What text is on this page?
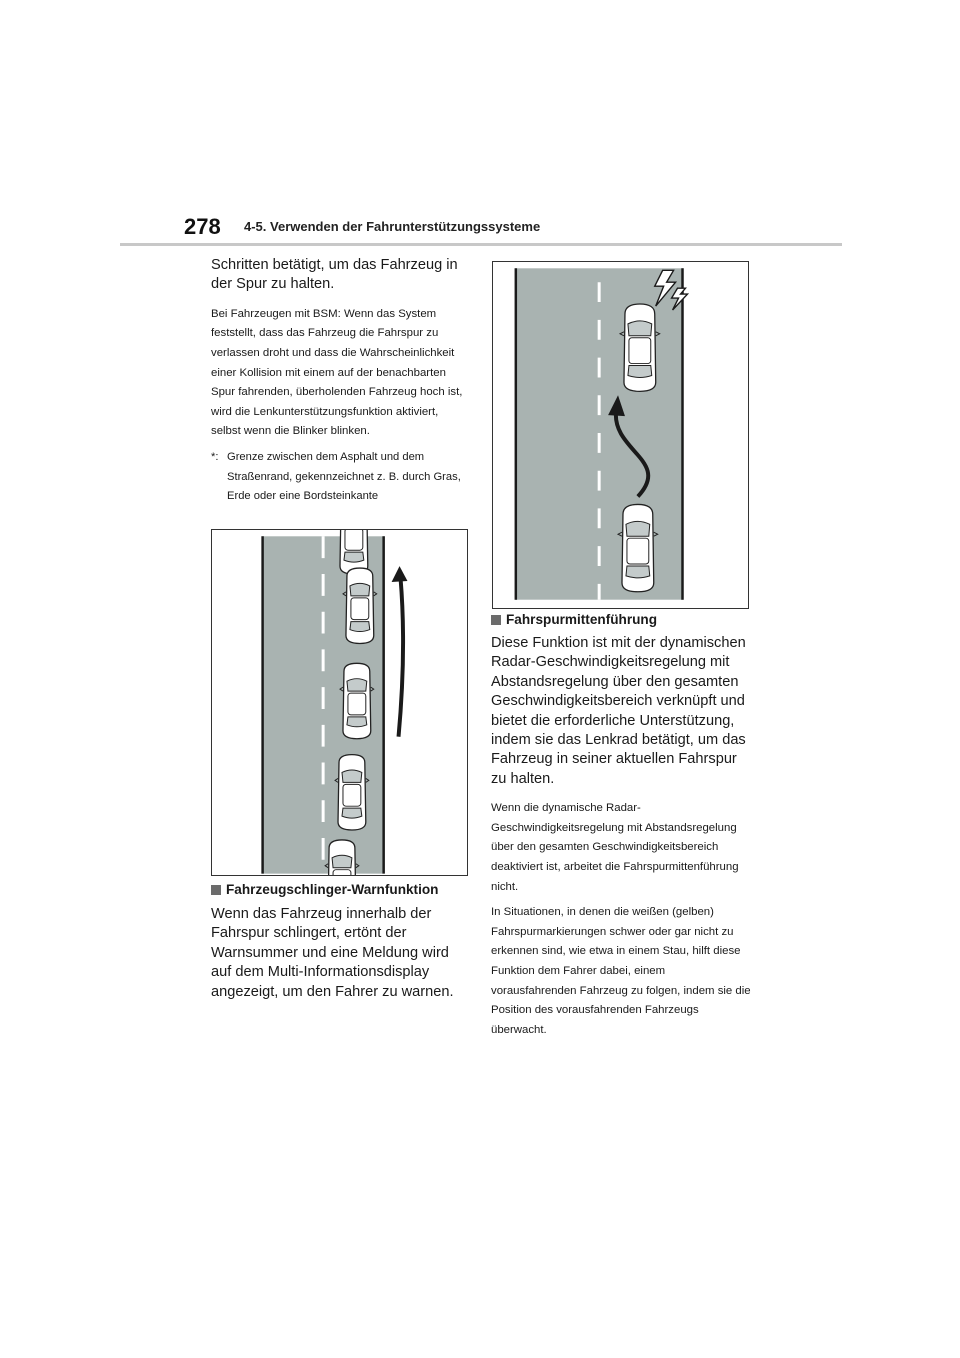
278 4-5. Verwenden der Fahrunterstützungssysteme

Schritten betätigt, um das Fahrzeug in der Spur zu halten.

Bei Fahrzeugen mit BSM: Wenn das System feststellt, dass das Fahrzeug die Fahrspur zu verlassen droht und dass die Wahrscheinlichkeit einer Kollision mit einem auf der benachbarten Spur fahrenden, überholenden Fahrzeug hoch ist, wird die Lenkunterstützungsfunktion aktiviert, selbst wenn die Blinker blinken.

*: Grenze zwischen dem Asphalt und dem Straßenrand, gekennzeichnet z. B. durch Gras, Erde oder eine Bordsteinkante
Fahrzeugschlinger-Warnfunktion

Wenn das Fahrzeug innerhalb der Fahrspur schlingert, ertönt der Warnsummer und eine Meldung wird auf dem Multi-Informationsdisplay angezeigt, um den Fahrer zu warnen.

Fahrspurmittenführung

Diese Funktion ist mit der dynamischen Radar-Geschwindigkeitsregelung mit Abstandsregelung über den gesamten Geschwindigkeitsbereich verknüpft und bietet die erforderliche Unterstützung, indem sie das Lenkrad betätigt, um das Fahrzeug in seiner aktuellen Fahrspur zu halten.

Wenn die dynamische Radar-Geschwindigkeitsregelung mit Abstandsregelung über den gesamten Geschwindigkeitsbereich deaktiviert ist, arbeitet die Fahrspurmittenführung nicht.

In Situationen, in denen die weißen (gelben) Fahrspurmarkierungen schwer oder gar nicht zu erkennen sind, wie etwa in einem Stau, hilft diese Funktion dem Fahrer dabei, einem vorausfahrenden Fahrzeug zu folgen, indem sie die Position des vorausfahrenden Fahrzeugs überwacht.
